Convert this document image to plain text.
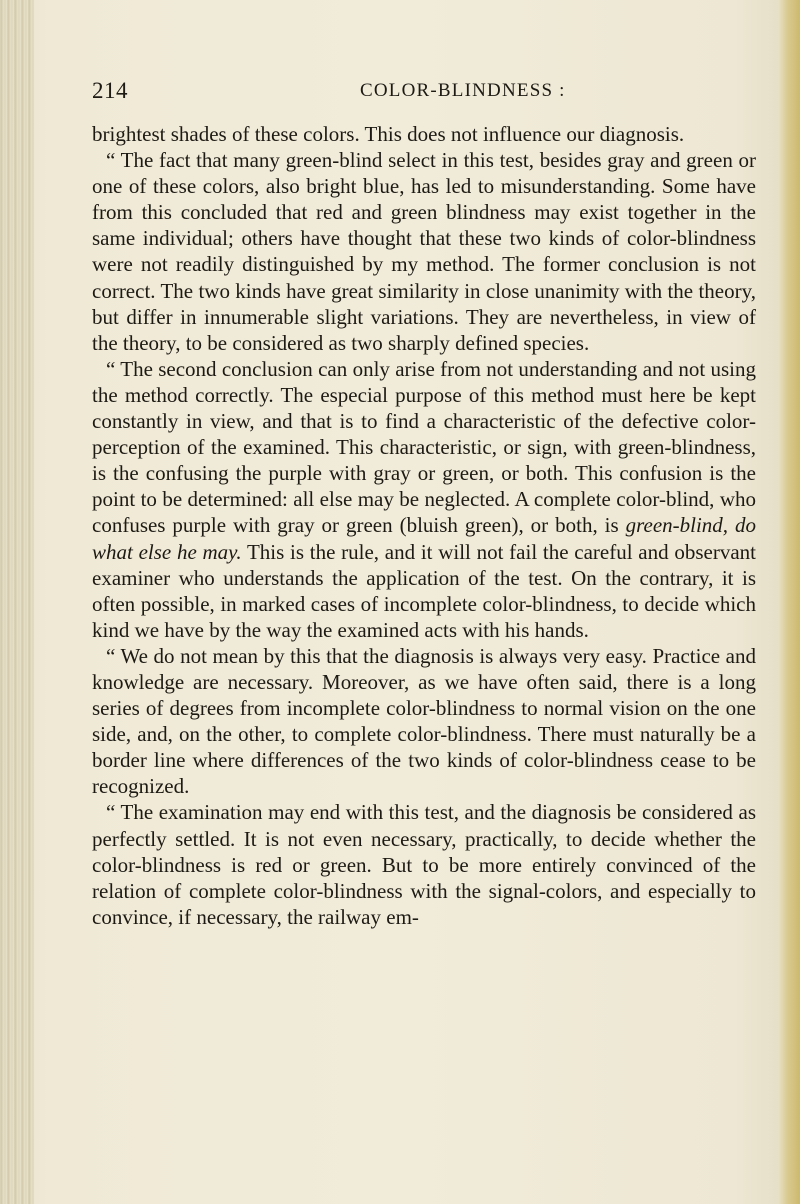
214	COLOR-BLINDNESS :

brightest shades of these colors. This does not influence our diagnosis.

“ The fact that many green-blind select in this test, besides gray and green or one of these colors, also bright blue, has led to misunderstanding. Some have from this concluded that red and green blindness may exist together in the same individual; others have thought that these two kinds of color-blindness were not readily distinguished by my method. The former conclusion is not correct. The two kinds have great similarity in close unanimity with the theory, but differ in innumerable slight variations. They are nevertheless, in view of the theory, to be considered as two sharply defined species.

“ The second conclusion can only arise from not understanding and not using the method correctly. The especial purpose of this method must here be kept constantly in view, and that is to find a characteristic of the defective color-perception of the examined. This characteristic, or sign, with green-blindness, is the confusing the purple with gray or green, or both. This confusion is the point to be determined: all else may be neglected. A complete color-blind, who confuses purple with gray or green (bluish green), or both, is green-blind, do what else he may. This is the rule, and it will not fail the careful and observant examiner who understands the application of the test. On the contrary, it is often possible, in marked cases of incomplete color-blindness, to decide which kind we have by the way the examined acts with his hands.

“ We do not mean by this that the diagnosis is always very easy. Practice and knowledge are necessary. Moreover, as we have often said, there is a long series of degrees from incomplete color-blindness to normal vision on the one side, and, on the other, to complete color-blindness. There must naturally be a border line where differences of the two kinds of color-blindness cease to be recognized.

“ The examination may end with this test, and the diagnosis be considered as perfectly settled. It is not even necessary, practically, to decide whether the color-blindness is red or green. But to be more entirely convinced of the relation of complete color-blindness with the signal-colors, and especially to convince, if necessary, the railway em-
